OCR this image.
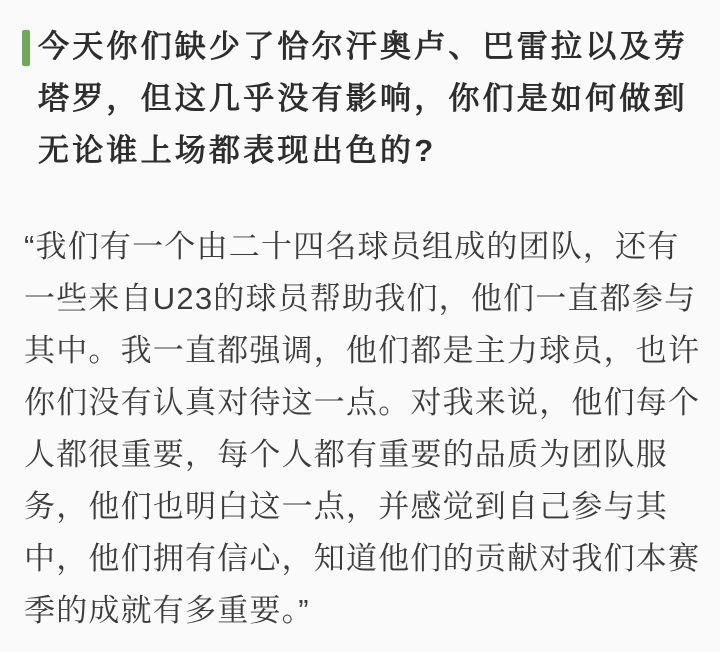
今天你们缺少了恰尔汗奥卢、巴雷拉以及劳

塔罗，但这几乎没有影响，你们是如何做到

无论谁上场都表现出色的?

“我们有一个由二十四名球员组成的团队，还有

一些来自U23的球员帮助我们，他们一直都参与

其中。我一直都强调，他们都是主力球员，也许

你们没有认真对待这一点。对我来说，他们每个

人都很重要，每个人都有重要的品质为团队服

务，他们也明白这一点，并感觉到自己参与其

中，他们拥有信心，知道他们的贡献对我们本赛

季的成就有多重要。”
